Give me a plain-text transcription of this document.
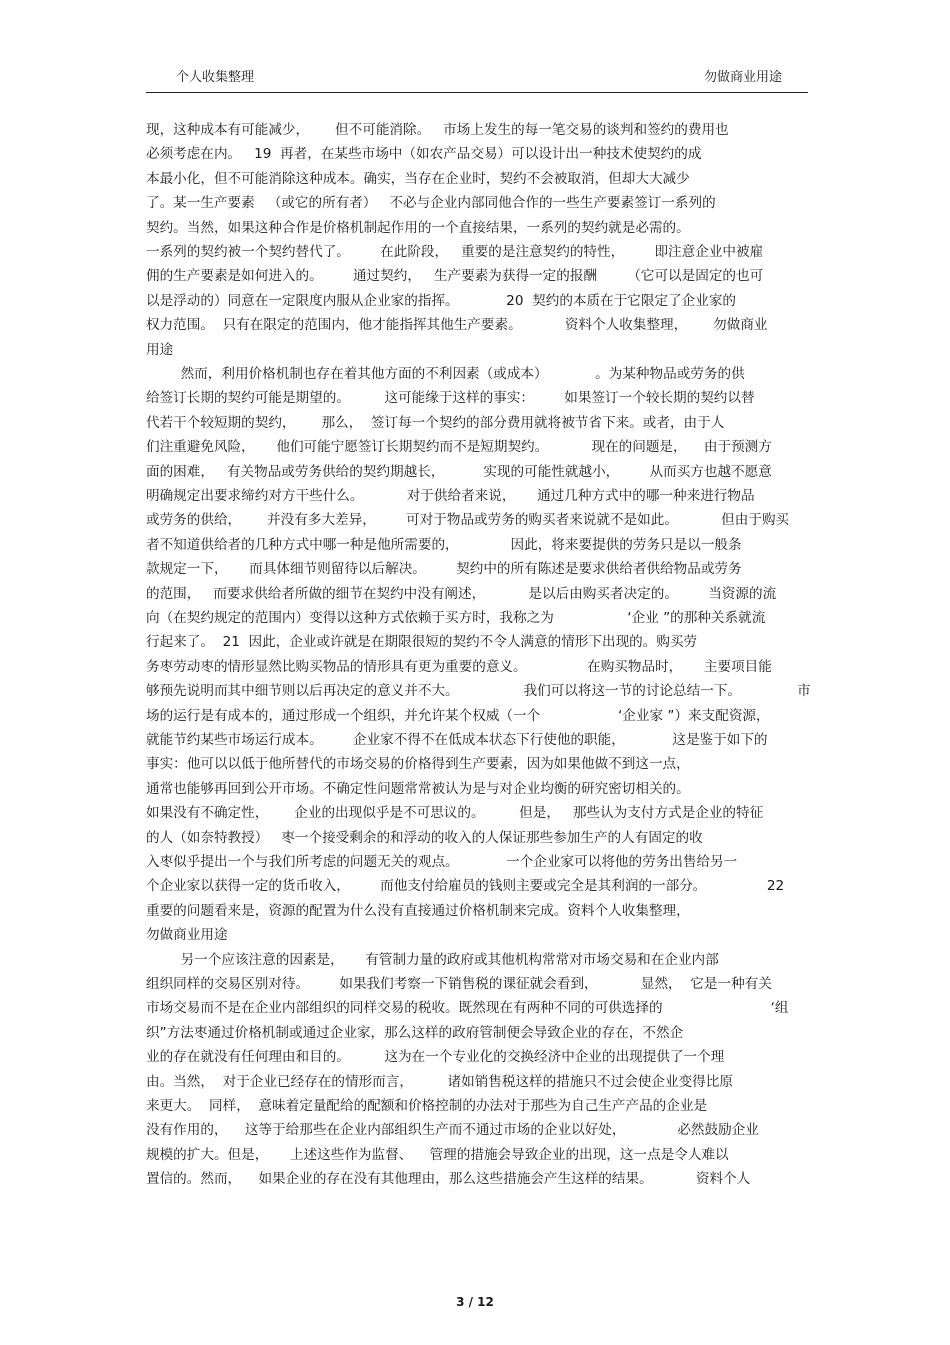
个人收集整理	勿做商业用途
现，这种成本有可能减少，      但不可能消除。   市场上发生的每一笔交易的谈判和签约的费用也
必须考虑在内。   19  再者，在某些市场中（如农产品交易）可以设计出一种技术使契约的成
本最小化，但不可能消除这种成本。确实，当存在企业时，契约不会被取消，但却大大减少
了。某一生产要素   （或它的所有者）   不必与企业内部同他合作的一些生产要素签订一系列的
契约。当然，如果这种合作是价格机制起作用的一个直接结果，一系列的契约就是必需的。
一系列的契约被一个契约替代了。       在此阶段，   重要的是注意契约的特性，       即注意企业中被雇
佣的生产要素是如何进入的。       通过契约，   生产要素为获得一定的报酬       （它可以是固定的也可
以是浮动的）同意在一定限度内服从企业家的指挥。           20  契约的本质在于它限定了企业家的
权力范围。  只有在限定的范围内，他才能指挥其他生产要素。          资料个人收集整理，      勿做商业
用途
然而，利用价格机制也存在着其他方面的不利因素（或成本）           。为某种物品或劳务的供
给签订长期的契约可能是期望的。        这可能缘于这样的事实：       如果签订一个较长期的契约以替
代若干个较短期的契约，      那么，  签订每一个契约的部分费用就将被节省下来。或者，由于人
们注重避免风险，     他们可能宁愿签订长期契约而不是短期契约。          现在的问题是，    由于预测方
面的困难，   有关物品或劳务供给的契约期越长，         实现的可能性就越小，       从而买方也越不愿意
明确规定出要求缔约对方干些什么。          对于供给者来说，     通过几种方式中的哪一种来进行物品
或劳务的供给，      并没有多大差异，       可对于物品或劳务的购买者来说就不是如此。          但由于购买
者不知道供给者的几种方式中哪一种是他所需要的，            因此，将来要提供的劳务只是以一般条
款规定一下，     而具体细节则留待以后解决。       契约中的所有陈述是要求供给者供给物品或劳务
的范围，   而要求供给者所做的细节在契约中没有阐述，          是以后由购买者决定的。       当资源的流
向（在契约规定的范围内）变得以这种方式依赖于买方时，我称之为                 ‘企业 ”的那种关系就流
行起来了。  21  因此，企业或许就是在期限很短的契约不令人满意的情形下出现的。购买劳
务枣劳动枣的情形显然比购买物品的情形具有更为重要的意义。              在购买物品时，     主要项目能
够预先说明而其中细节则以后再决定的意义并不大。               我们可以将这一节的讨论总结一下。             市
场的运行是有成本的，通过形成一个组织，并允许某个权威（一个                  ‘企业家 ”）来支配资源，
就能节约某些市场运行成本。       企业家不得不在低成本状态下行使他的职能，           这是鉴于如下的
事实：他可以以低于他所替代的市场交易的价格得到生产要素，因为如果他做不到这一点，
通常也能够再回到公开市场。不确定性问题常常被认为是与对企业均衡的研究密切相关的。
如果没有不确定性，      企业的出现似乎是不可思议的。        但是，   那些认为支付方式是企业的特征
的人（如奈特教授）   枣一个接受剩余的和浮动的收入的人保证那些参加生产的人有固定的收
入枣似乎提出一个与我们所考虑的问题无关的观点。           一个企业家可以将他的劳务出售给另一
个企业家以获得一定的货币收入，       而他支付给雇员的钱则主要或完全是其利润的一部分。              22
重要的问题看来是，资源的配置为什么没有直接通过价格机制来完成。资料个人收集整理，
勿做商业用途
另一个应该注意的因素是，     有管制力量的政府或其他机构常常对市场交易和在企业内部
组织同样的交易区别对待。       如果我们考察一下销售税的课征就会看到，          显然，  它是一种有关
市场交易而不是在企业内部组织的同样交易的税收。既然现在有两种不同的可供选择的                         ‘组
织”方法枣通过价格机制或通过企业家，那么这样的政府管制便会导致企业的存在，不然企
业的存在就没有任何理由和目的。        这为在一个专业化的交换经济中企业的出现提供了一个理
由。当然，  对于企业已经存在的情形而言，        诸如销售税这样的措施只不过会使企业变得比原
来更大。  同样，  意味着定量配给的配额和价格控制的办法对于那些为自己生产产品的企业是
没有作用的，    这等于给那些在企业内部组织生产而不通过市场的企业以好处，            必然鼓励企业
规模的扩大。但是，     上述这些作为监督、    管理的措施会导致企业的出现，这一点是令人难以
置信的。然而，    如果企业的存在没有其他理由，那么这些措施会产生这样的结果。          资料个人
3 / 12
